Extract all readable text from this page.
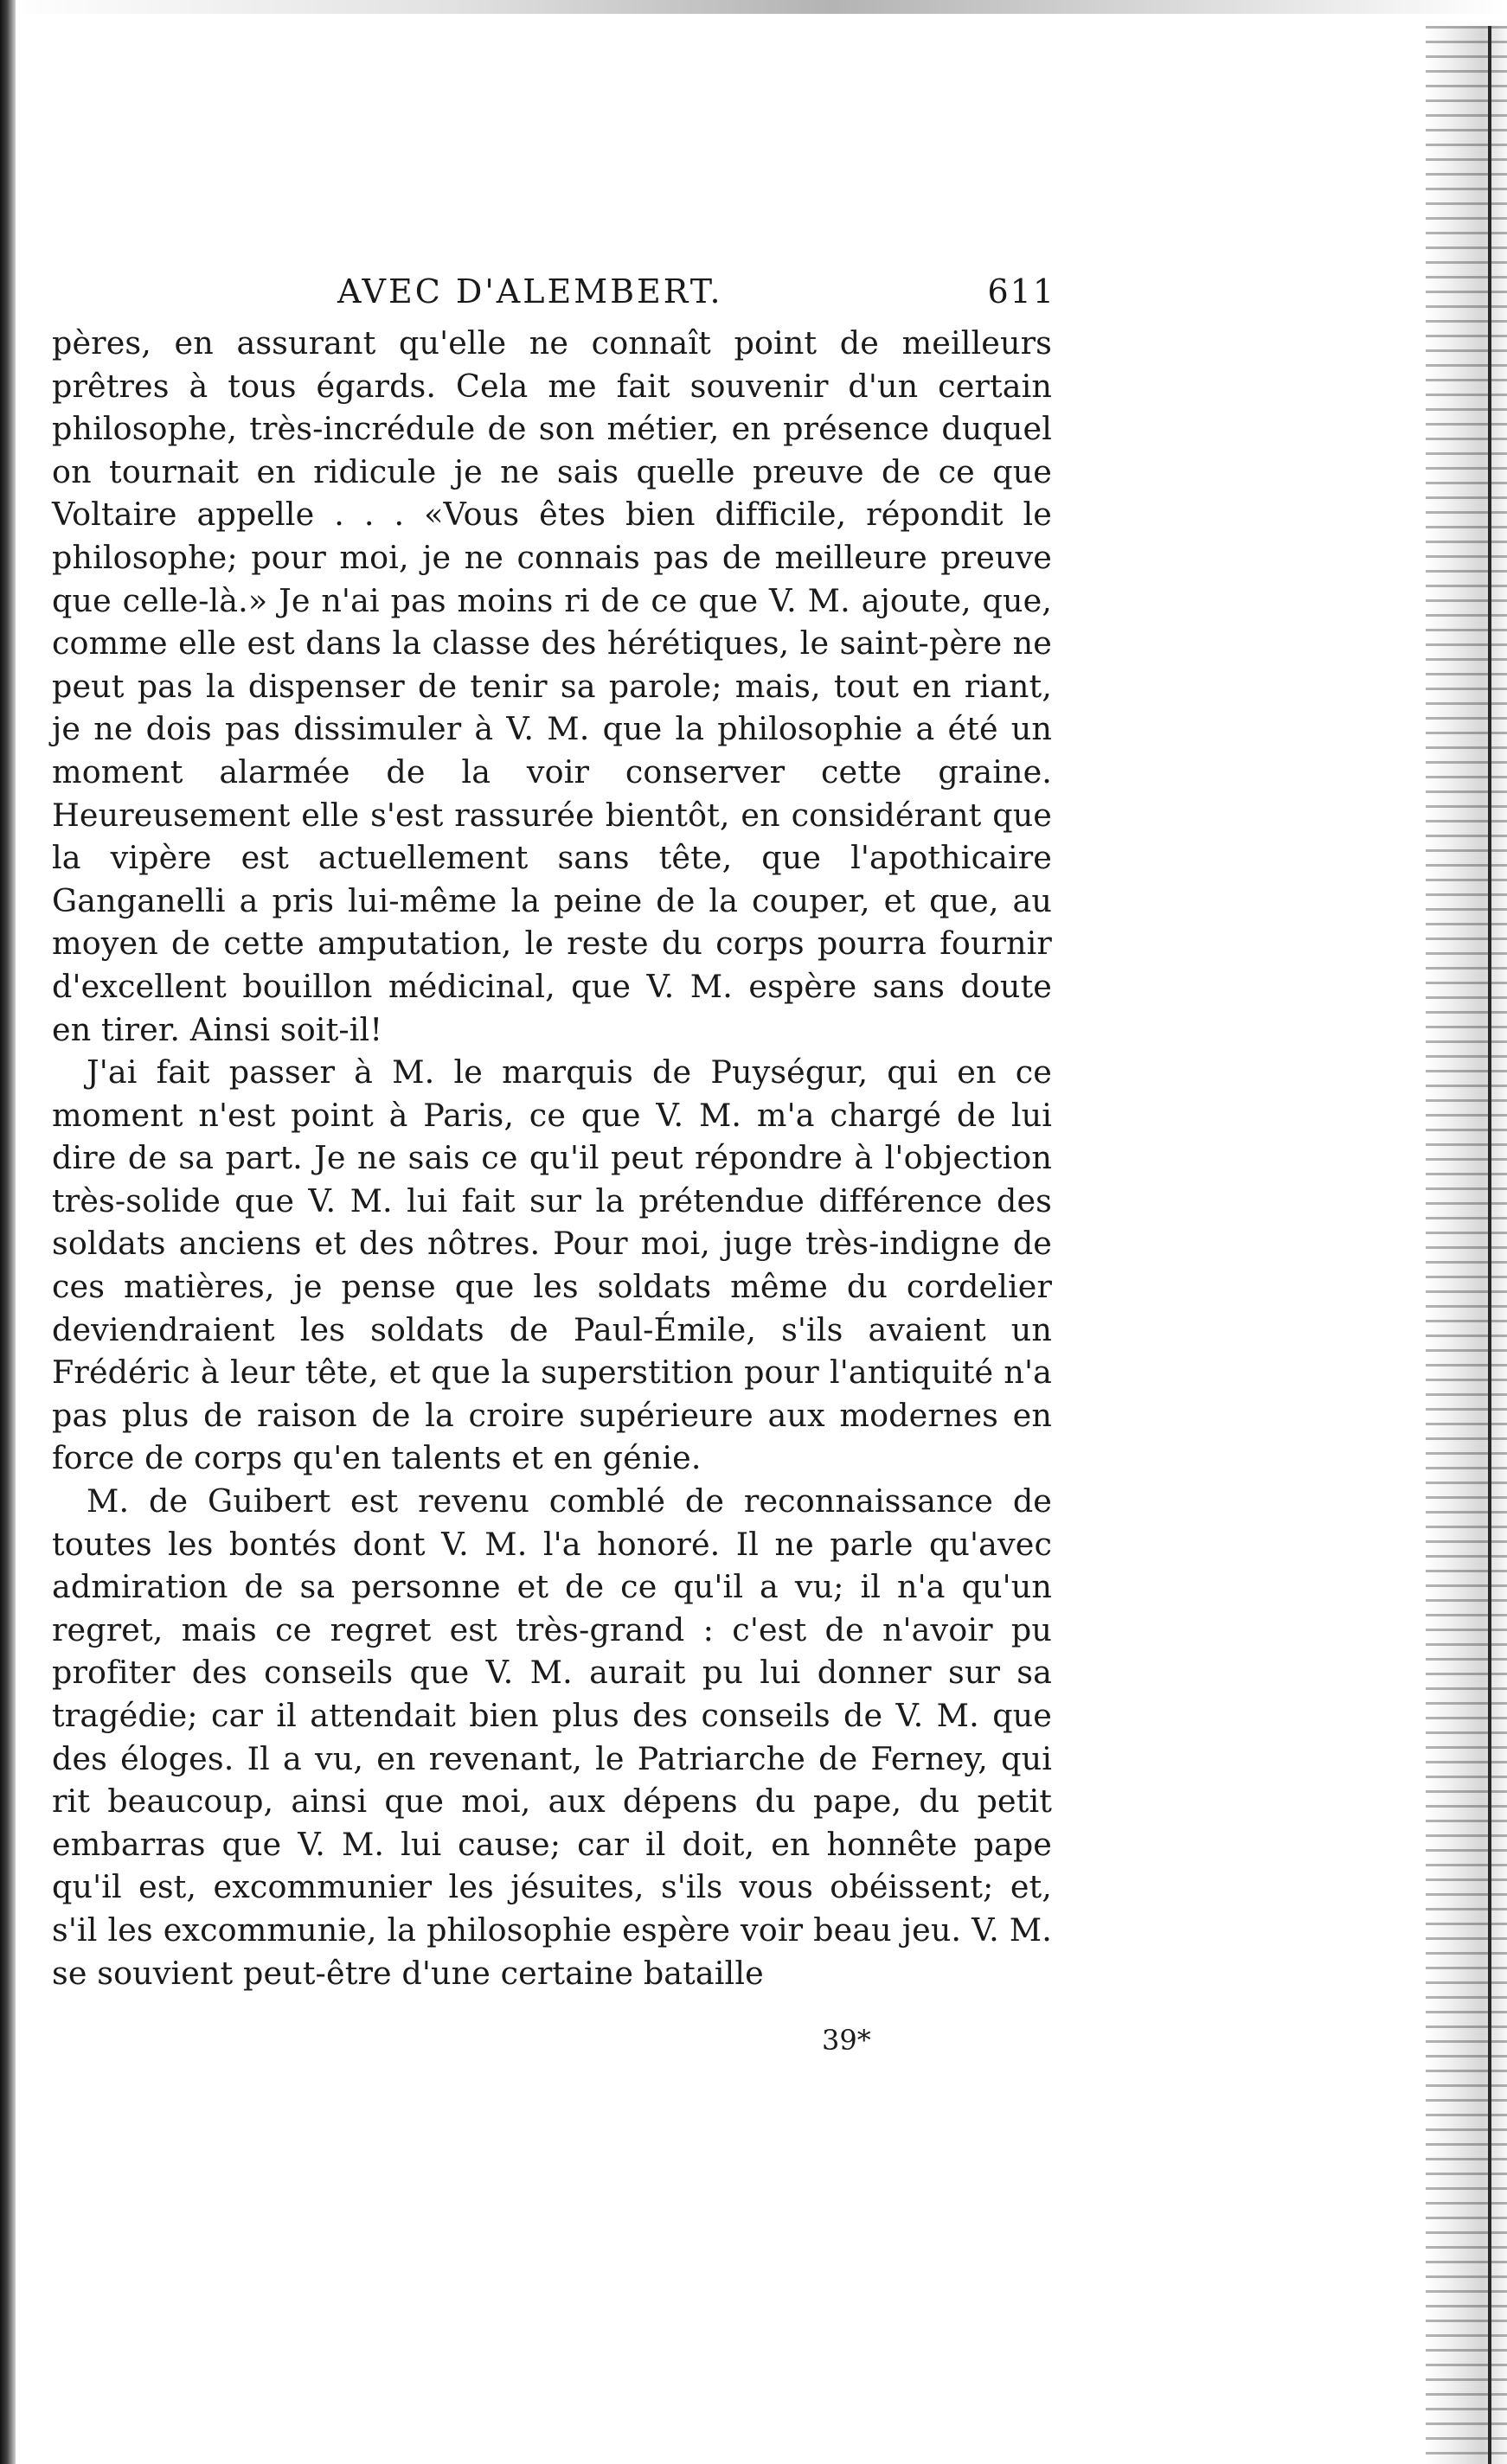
AVEC D'ALEMBERT.	611

pères, en assurant qu'elle ne connaît point de meilleurs prêtres à tous égards. Cela me fait souvenir d'un certain philosophe, très-incrédule de son métier, en présence duquel on tournait en ridicule je ne sais quelle preuve de ce que Voltaire appelle . . . «Vous êtes bien difficile, répondit le philosophe; pour moi, je ne connais pas de meilleure preuve que celle-là.» Je n'ai pas moins ri de ce que V. M. ajoute, que, comme elle est dans la classe des hérétiques, le saint-père ne peut pas la dispenser de tenir sa parole; mais, tout en riant, je ne dois pas dissimuler à V. M. que la philosophie a été un moment alarmée de la voir conserver cette graine. Heureusement elle s'est rassurée bientôt, en considérant que la vipère est actuellement sans tête, que l'apothicaire Ganganelli a pris lui-même la peine de la couper, et que, au moyen de cette amputation, le reste du corps pourra fournir d'excellent bouillon médicinal, que V. M. espère sans doute en tirer. Ainsi soit-il!

J'ai fait passer à M. le marquis de Puységur, qui en ce moment n'est point à Paris, ce que V. M. m'a chargé de lui dire de sa part. Je ne sais ce qu'il peut répondre à l'objection très-solide que V. M. lui fait sur la prétendue différence des soldats anciens et des nôtres. Pour moi, juge très-indigne de ces matières, je pense que les soldats même du cordelier deviendraient les soldats de Paul-Émile, s'ils avaient un Frédéric à leur tête, et que la superstition pour l'antiquité n'a pas plus de raison de la croire supérieure aux modernes en force de corps qu'en talents et en génie.

M. de Guibert est revenu comblé de reconnaissance de toutes les bontés dont V. M. l'a honoré. Il ne parle qu'avec admiration de sa personne et de ce qu'il a vu; il n'a qu'un regret, mais ce regret est très-grand : c'est de n'avoir pu profiter des conseils que V. M. aurait pu lui donner sur sa tragédie; car il attendait bien plus des conseils de V. M. que des éloges. Il a vu, en revenant, le Patriarche de Ferney, qui rit beaucoup, ainsi que moi, aux dépens du pape, du petit embarras que V. M. lui cause; car il doit, en honnête pape qu'il est, excommunier les jésuites, s'ils vous obéissent; et, s'il les excommunie, la philosophie espère voir beau jeu. V. M. se souvient peut-être d'une certaine bataille

39*
